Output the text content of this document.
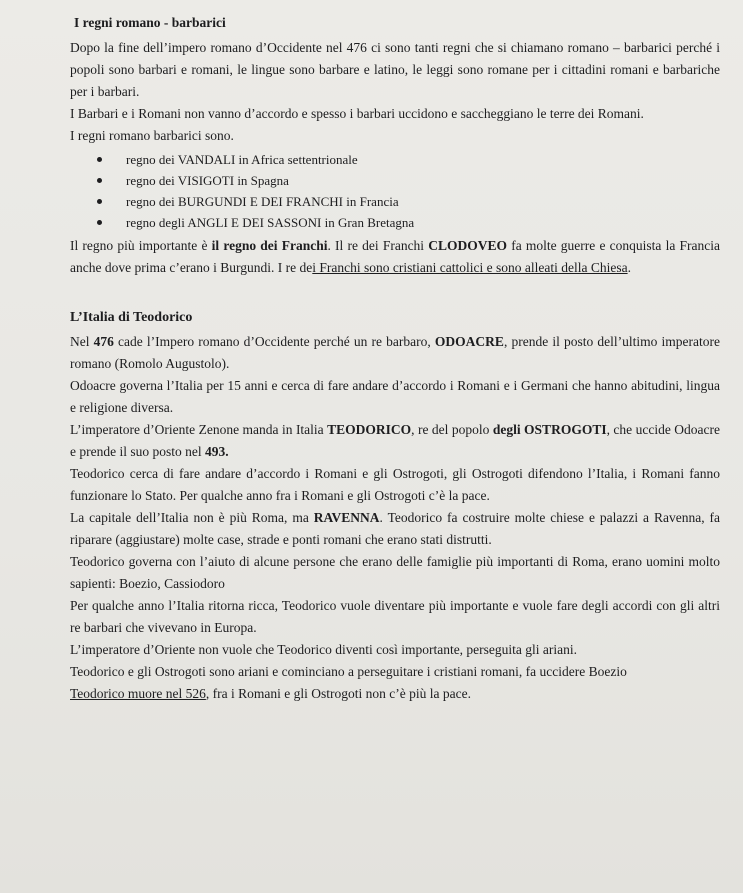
I regni romano - barbarici

Dopo la fine dell’impero romano d’Occidente nel 476 ci sono tanti regni che si chiamano romano – barbarici perché i popoli sono barbari e romani, le lingue sono barbare e latino, le leggi sono romane per i cittadini romani e barbariche per i barbari.

I Barbari e i Romani non vanno d’accordo e spesso i barbari uccidono e saccheggiano le terre dei Romani.

I regni romano barbarici sono.

regno dei VANDALI in Africa settentrionale
regno dei VISIGOTI in Spagna
regno dei BURGUNDI E DEI FRANCHI in Francia
regno degli ANGLI E DEI SASSONI in Gran Bretagna

Il regno più importante è il regno dei Franchi. Il re dei Franchi CLODOVEO fa molte guerre e conquista la Francia anche dove prima c’erano i Burgundi. I re dei Franchi sono cristiani cattolici e sono alleati della Chiesa.

L’Italia di Teodorico

Nel 476 cade l’Impero romano d’Occidente perché un re barbaro, ODOACRE, prende il posto dell’ultimo imperatore romano (Romolo Augustolo).

Odoacre governa l’Italia per 15 anni e cerca di fare andare d’accordo i Romani e i Germani che hanno abitudini, lingua e religione diversa.

L’imperatore d’Oriente Zenone manda in Italia TEODORICO, re del popolo degli OSTROGOTI, che uccide Odoacre e prende il suo posto nel 493.

Teodorico cerca di fare andare d’accordo i Romani e gli Ostrogoti, gli Ostrogoti difendono l’Italia, i Romani fanno funzionare lo Stato. Per qualche anno fra i Romani e gli Ostrogoti c’è la pace.

La capitale dell’Italia non è più Roma, ma RAVENNA. Teodorico fa costruire molte chiese e palazzi a Ravenna, fa riparare (aggiustare) molte case, strade e ponti romani che erano stati distrutti.

Teodorico governa con l’aiuto di alcune persone che erano delle famiglie più importanti di Roma, erano uomini molto sapienti: Boezio, Cassiodoro

Per qualche anno l’Italia ritorna ricca, Teodorico vuole diventare più importante e vuole fare degli accordi con gli altri re barbari che vivevano in Europa.

L’imperatore d’Oriente non vuole che Teodorico diventi così importante, perseguita gli ariani.

Teodorico e gli Ostrogoti sono ariani e cominciano a perseguitare i cristiani romani, fa uccidere Boezio

Teodorico muore nel 526, fra i Romani e gli Ostrogoti non c’è più la pace.
